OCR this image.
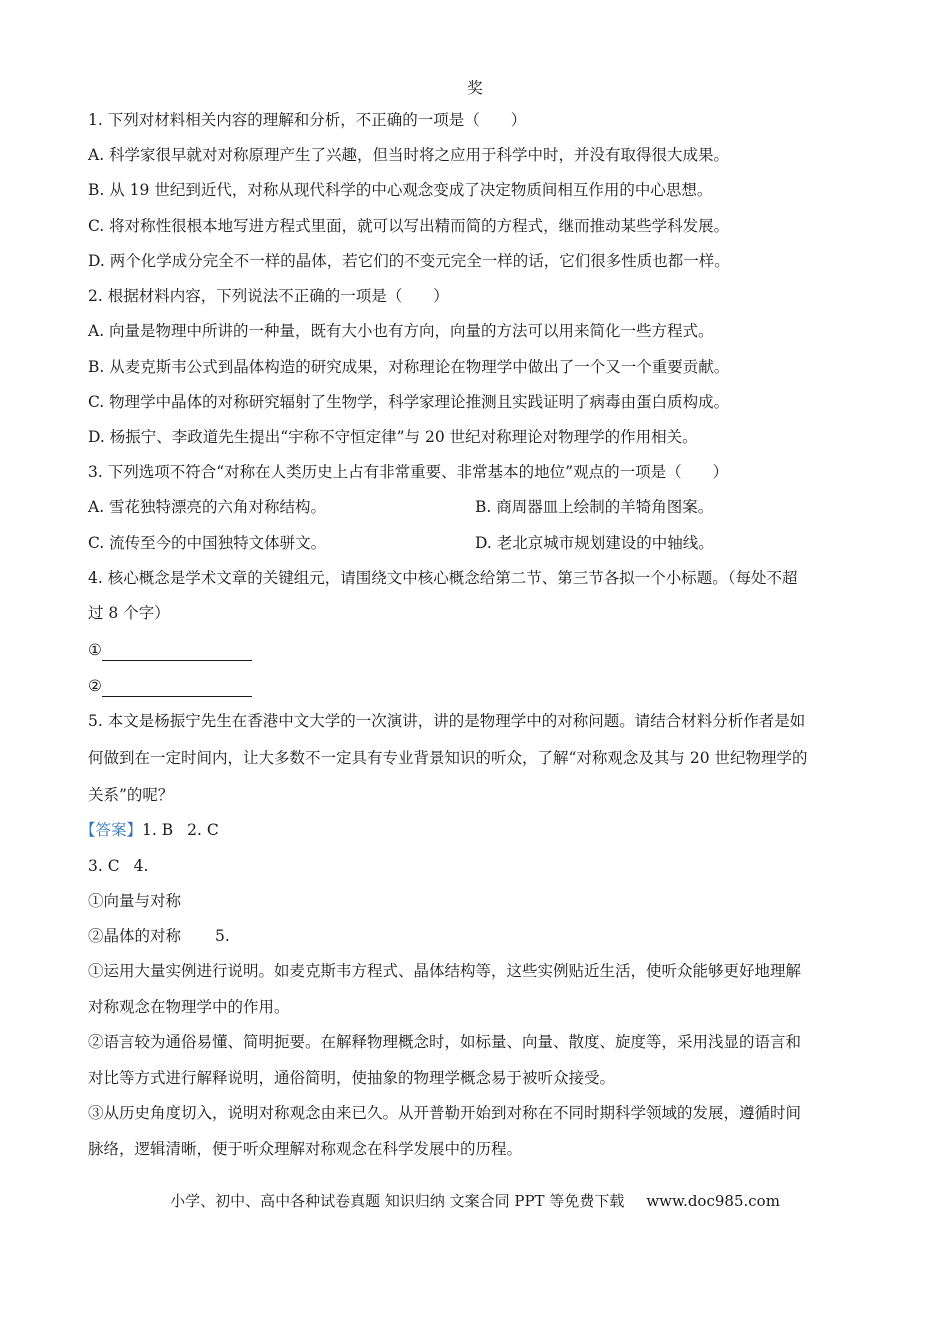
奖
1. 下列对材料相关内容的理解和分析，不正确的一项是（　　）
A. 科学家很早就对对称原理产生了兴趣，但当时将之应用于科学中时，并没有取得很大成果。
B. 从 19 世纪到近代，对称从现代科学的中心观念变成了决定物质间相互作用的中心思想。
C. 将对称性很根本地写进方程式里面，就可以写出精而简的方程式，继而推动某些学科发展。
D. 两个化学成分完全不一样的晶体，若它们的不变元完全一样的话，它们很多性质也都一样。
2. 根据材料内容，下列说法不正确的一项是（　　）
A. 向量是物理中所讲的一种量，既有大小也有方向，向量的方法可以用来简化一些方程式。
B. 从麦克斯韦公式到晶体构造的研究成果，对称理论在物理学中做出了一个又一个重要贡献。
C. 物理学中晶体的对称研究辐射了生物学，科学家理论推测且实践证明了病毒由蛋白质构成。
D. 杨振宁、李政道先生提出“宇称不守恒定律”与 20 世纪对称理论对物理学的作用相关。
3. 下列选项不符合“对称在人类历史上占有非常重要、非常基本的地位”观点的一项是（　　）
A. 雪花独特漂亮的六角对称结构。	B. 商周器皿上绘制的羊犄角图案。
C. 流传至今的中国独特文体骈文。	D. 老北京城市规划建设的中轴线。
4. 核心概念是学术文章的关键组元，请围绕文中核心概念给第二节、第三节各拟一个小标题。（每处不超
过 8 个字）
①
②
5. 本文是杨振宁先生在香港中文大学的一次演讲，讲的是物理学中的对称问题。请结合材料分析作者是如
何做到在一定时间内，让大多数不一定具有专业背景知识的听众，了解“对称观念及其与 20 世纪物理学的
关系”的呢？
【答案】1. B 2. C
3. C 4.
①向量与对称
②晶体的对称 5.
①运用大量实例进行说明。如麦克斯韦方程式、晶体结构等，这些实例贴近生活，使听众能够更好地理解
对称观念在物理学中的作用。
②语言较为通俗易懂、简明扼要。在解释物理概念时，如标量、向量、散度、旋度等，采用浅显的语言和
对比等方式进行解释说明，通俗简明，使抽象的物理学概念易于被听众接受。
③从历史角度切入，说明对称观念由来已久。从开普勒开始到对称在不同时期科学领域的发展，遵循时间
脉络，逻辑清晰，便于听众理解对称观念在科学发展中的历程。
小学、初中、高中各种试卷真题 知识归纳 文案合同 PPT 等免费下载 www.doc985.com
